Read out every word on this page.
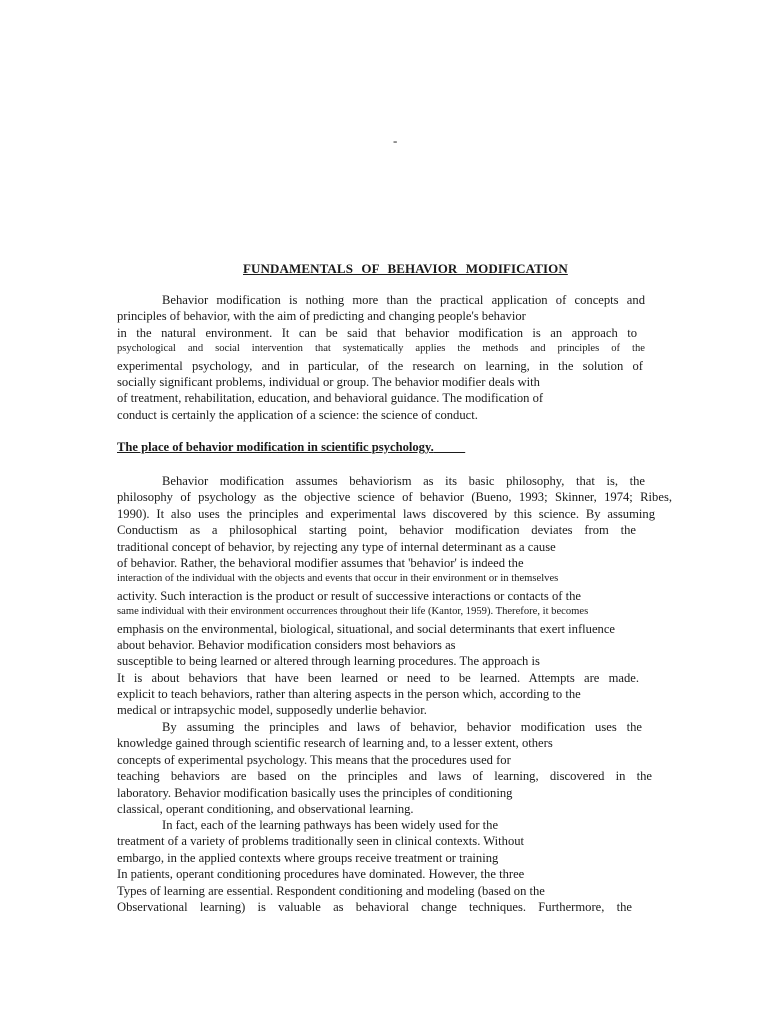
-
FUNDAMENTALS OF BEHAVIOR MODIFICATION
Behavior modification is nothing more than the practical application of concepts and
principles of behavior, with the aim of predicting and changing people's behavior
in the natural environment. It can be said that behavior modification is an approach to
psychological and social intervention that systematically applies the methods and principles of the
experimental psychology, and in particular, of the research on learning, in the solution of
socially significant problems, individual or group. The behavior modifier deals with
of treatment, rehabilitation, education, and behavioral guidance. The modification of
conduct is certainly the application of a science: the science of conduct.
The place of behavior modification in scientific psychology.
Behavior modification assumes behaviorism as its basic philosophy, that is, the
philosophy of psychology as the objective science of behavior (Bueno, 1993; Skinner, 1974; Ribes,
1990). It also uses the principles and experimental laws discovered by this science. By assuming
Conductism as a philosophical starting point, behavior modification deviates from the
traditional concept of behavior, by rejecting any type of internal determinant as a cause
of behavior. Rather, the behavioral modifier assumes that 'behavior' is indeed the
interaction of the individual with the objects and events that occur in their environment or in themselves
activity. Such interaction is the product or result of successive interactions or contacts of the
same individual with their environment occurrences throughout their life (Kantor, 1959). Therefore, it becomes
emphasis on the environmental, biological, situational, and social determinants that exert influence
about behavior. Behavior modification considers most behaviors as
susceptible to being learned or altered through learning procedures. The approach is
It is about behaviors that have been learned or need to be learned. Attempts are made.
explicit to teach behaviors, rather than altering aspects in the person which, according to the
medical or intrapsychic model, supposedly underlie behavior.
By assuming the principles and laws of behavior, behavior modification uses the
knowledge gained through scientific research of learning and, to a lesser extent, others
concepts of experimental psychology. This means that the procedures used for
teaching behaviors are based on the principles and laws of learning, discovered in the
laboratory. Behavior modification basically uses the principles of conditioning
classical, operant conditioning, and observational learning.
In fact, each of the learning pathways has been widely used for the
treatment of a variety of problems traditionally seen in clinical contexts. Without
embargo, in the applied contexts where groups receive treatment or training
In patients, operant conditioning procedures have dominated. However, the three
Types of learning are essential. Respondent conditioning and modeling (based on the
Observational learning) is valuable as behavioral change techniques. Furthermore, the
